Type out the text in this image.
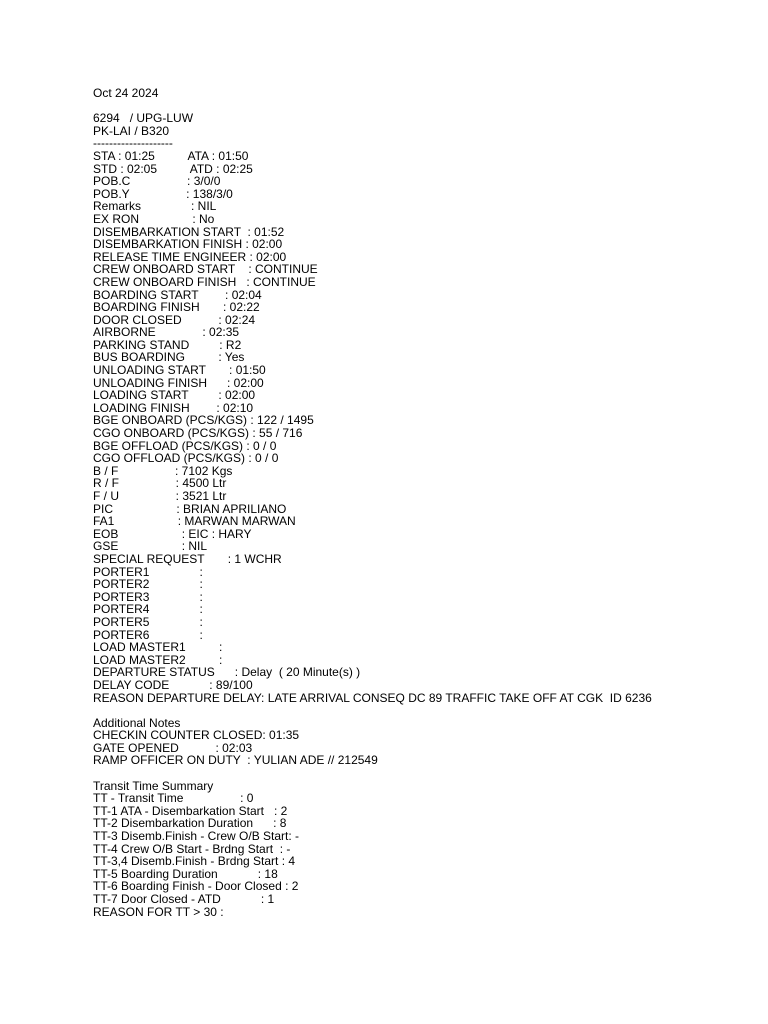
Oct 24 2024
6294   / UPG-LUW
PK-LAI / B320
--------------------
STA : 01:25          ATA : 01:50
STD : 02:05          ATD : 02:25
POB.C                 : 3/0/0
POB.Y                 : 138/3/0
Remarks               : NIL
EX RON                : No
DISEMBARKATION START  : 01:52
DISEMBARKATION FINISH : 02:00
RELEASE TIME ENGINEER : 02:00
CREW ONBOARD START    : CONTINUE
CREW ONBOARD FINISH   : CONTINUE
BOARDING START        : 02:04
BOARDING FINISH       : 02:22
DOOR CLOSED           : 02:24
AIRBORNE              : 02:35
PARKING STAND         : R2
BUS BOARDING          : Yes
UNLOADING START       : 01:50
UNLOADING FINISH      : 02:00
LOADING START         : 02:00
LOADING FINISH        : 02:10
BGE ONBOARD (PCS/KGS) : 122 / 1495
CGO ONBOARD (PCS/KGS) : 55 / 716
BGE OFFLOAD (PCS/KGS) : 0 / 0
CGO OFFLOAD (PCS/KGS) : 0 / 0
B / F                 : 7102 Kgs
R / F                 : 4500 Ltr
F / U                 : 3521 Ltr
PIC                   : BRIAN APRILIANO
FA1                   : MARWAN MARWAN
EOB                   : EIC : HARY
GSE                   : NIL
SPECIAL REQUEST       : 1 WCHR
PORTER1               :
PORTER2               :
PORTER3               :
PORTER4               :
PORTER5               :
PORTER6               :
LOAD MASTER1          :
LOAD MASTER2          :
DEPARTURE STATUS      : Delay  ( 20 Minute(s) )
DELAY CODE            : 89/100
REASON DEPARTURE DELAY: LATE ARRIVAL CONSEQ DC 89 TRAFFIC TAKE OFF AT CGK  ID 6236
Additional Notes
CHECKIN COUNTER CLOSED: 01:35
GATE OPENED           : 02:03
RAMP OFFICER ON DUTY  : YULIAN ADE // 212549
Transit Time Summary
TT - Transit Time                 : 0
TT-1 ATA - Disembarkation Start   : 2
TT-2 Disembarkation Duration      : 8
TT-3 Disemb.Finish - Crew O/B Start: -
TT-4 Crew O/B Start - Brdng Start  : -
TT-3,4 Disemb.Finish - Brdng Start : 4
TT-5 Boarding Duration            : 18
TT-6 Boarding Finish - Door Closed : 2
TT-7 Door Closed - ATD            : 1
REASON FOR TT > 30 :
